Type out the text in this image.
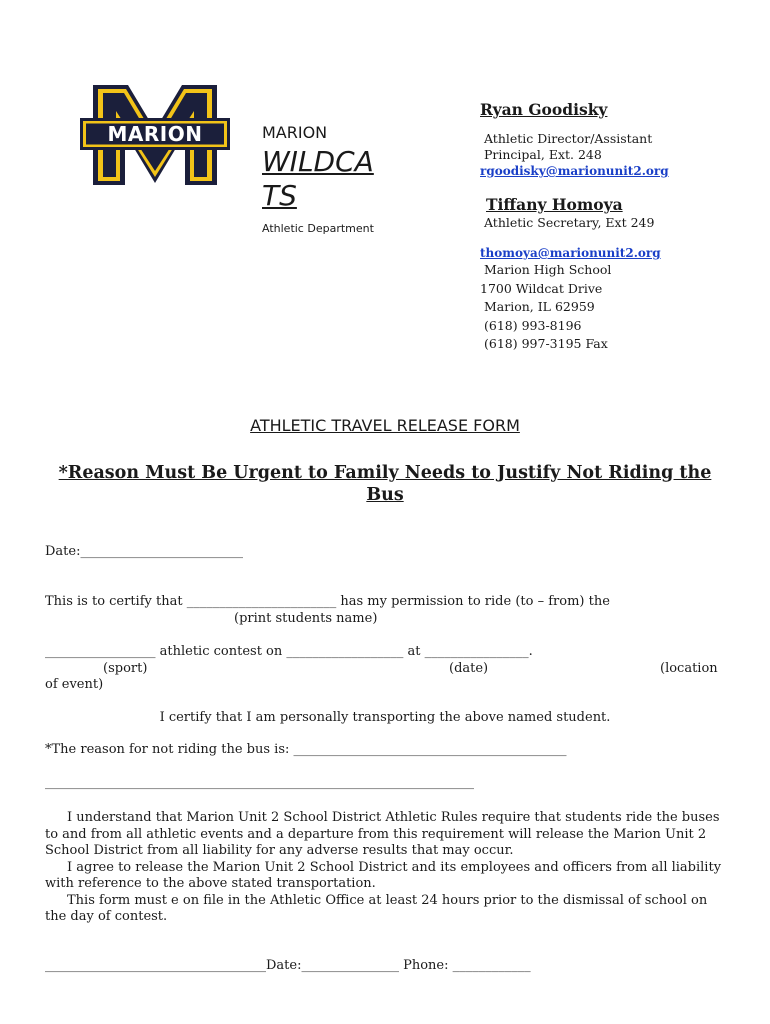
MARION	MARION
WILDCATS
Athletic Department
Ryan Goodisky
Athletic Director/Assistant Principal, Ext. 248
rgoodisky@marionunit2.org
Tiffany Homoya
Athletic Secretary, Ext 249
thomoya@marionunit2.org
Marion High School
1700 Wildcat Drive
Marion, IL 62959
(618) 993-8196
(618) 997-3195 Fax
ATHLETIC TRAVEL RELEASE FORM
*Reason Must Be Urgent to Family Needs to Justify Not Riding the Bus
Date:_________________________
This is to certify that _______________________ has my permission to ride (to – from) the
(print students name)
_________________ athletic contest on __________________ at ________________.
(sport)	(date)	(location
of event)
I certify that I am personally transporting the above named student.
*The reason for not riding the bus is: __________________________________________
__________________________________________________________________

I understand that Marion Unit 2 School District Athletic Rules require that students ride the buses to and from all athletic events and a departure from this requirement will release the Marion Unit 2 School District from all liability for any adverse results that may occur.

I agree to release the Marion Unit 2 School District and its employees and officers from all liability with reference to the above stated transportation.

This form must e on file in the Athletic Office at least 24 hours prior to the dismissal of school on the day of contest.

__________________________________Date:_______________ Phone: ____________
